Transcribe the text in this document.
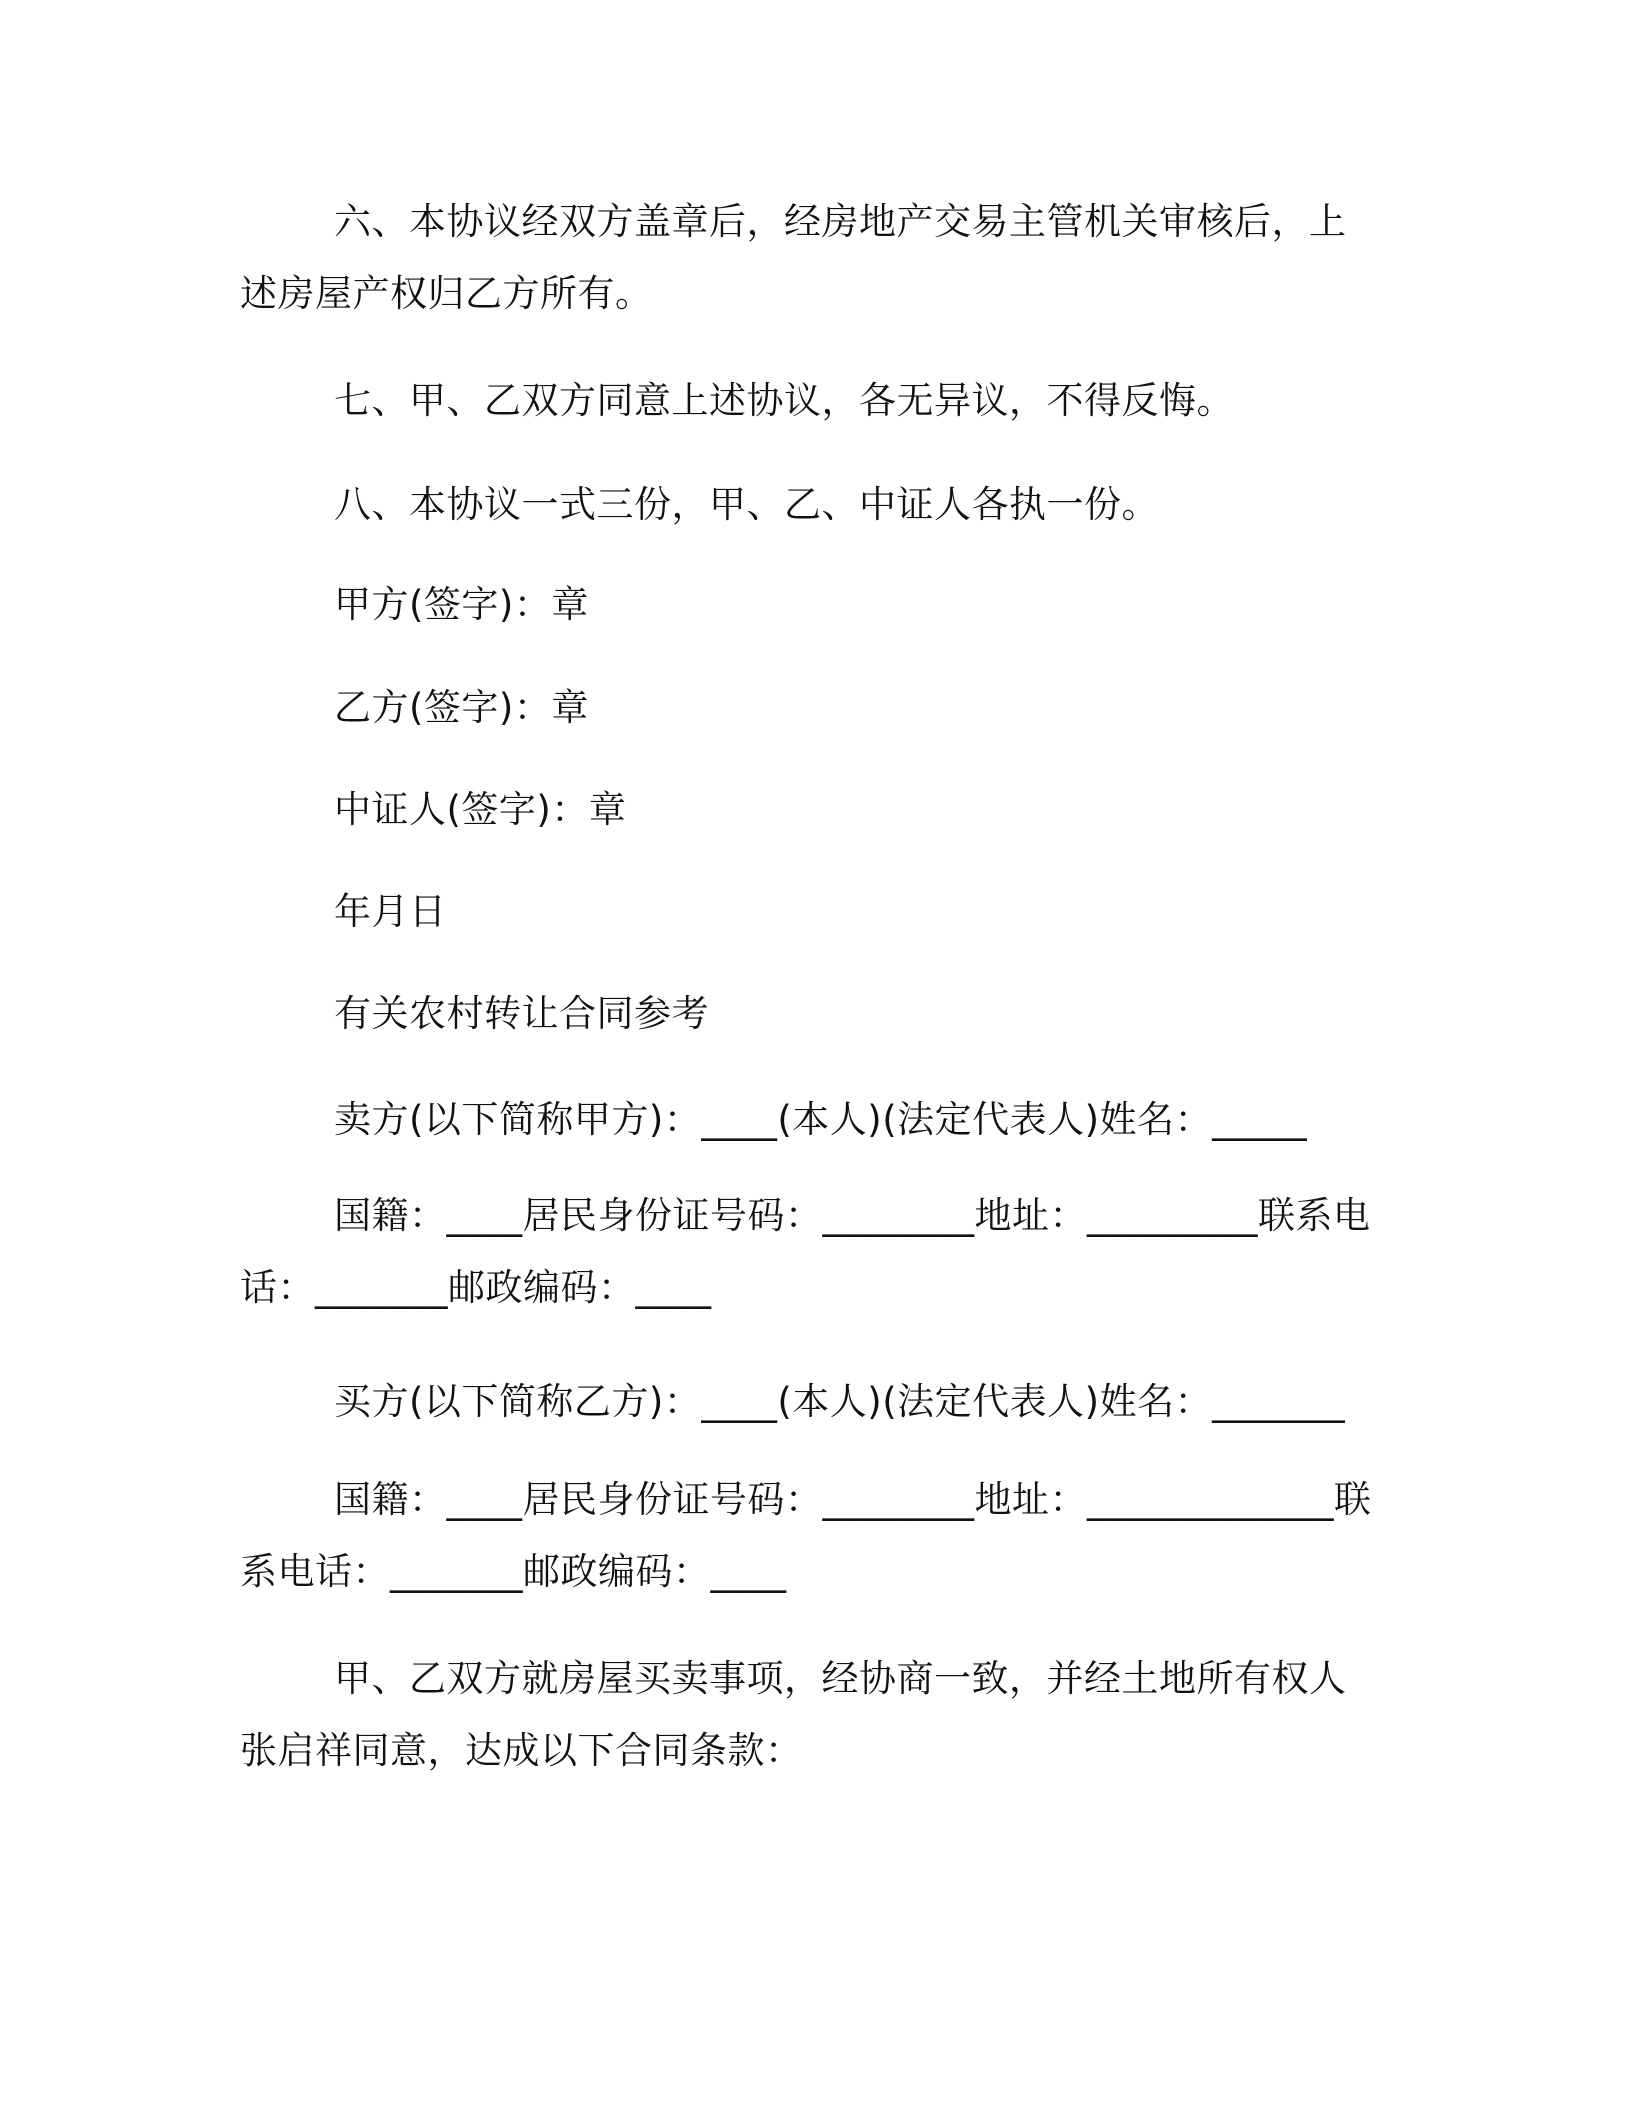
六、本协议经双方盖章后，经房地产交易主管机关审核后，上述房屋产权归乙方所有。

七、甲、乙双方同意上述协议，各无异议，不得反悔。

八、本协议一式三份，甲、乙、中证人各执一份。

甲方(签字)：章

乙方(签字)：章

中证人(签字)：章

年月日

有关农村转让合同参考

卖方(以下简称甲方)：____(本人)(法定代表人)姓名：_____

国籍：____居民身份证号码：________地址：_________联系电话：_______邮政编码：____

买方(以下简称乙方)：____(本人)(法定代表人)姓名：_______

国籍：____居民身份证号码：________地址：_____________联系电话：_______邮政编码：____

甲、乙双方就房屋买卖事项，经协商一致，并经土地所有权人张启祥同意，达成以下合同条款：
